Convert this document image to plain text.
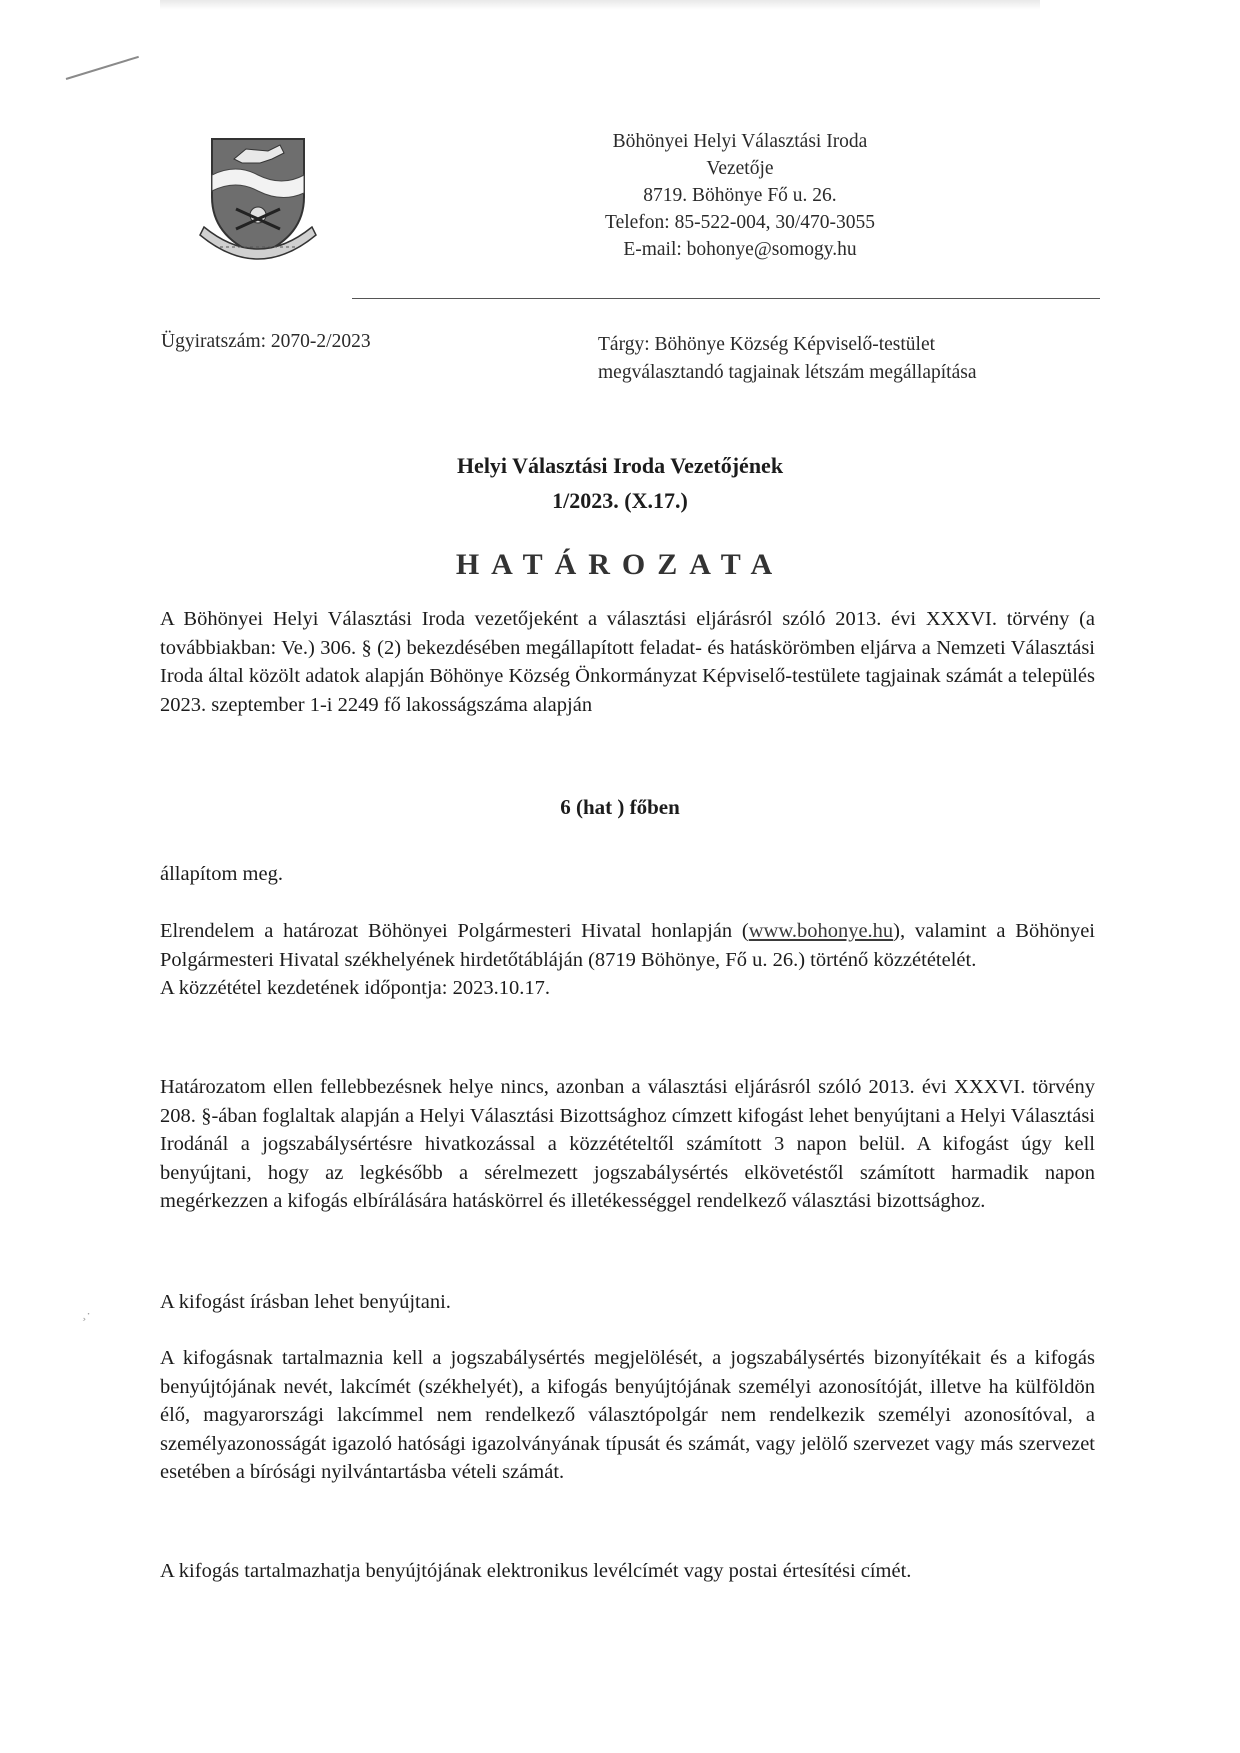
Böhönyei Helyi Választási Iroda
Vezetője
8719. Böhönye Fő u. 26.
Telefon: 85-522-004, 30/470-3055
E-mail: bohonye@somogy.hu
Ügyiratszám: 2070-2/2023	Tárgy: Böhönye Község Képviselő-testület
megválasztandó tagjainak létszám megállapítása
Helyi Választási Iroda Vezetőjének
1/2023. (X.17.)
HATÁROZATA
A Böhönyei Helyi Választási Iroda vezetőjeként a választási eljárásról szóló 2013. évi XXXVI. törvény (a továbbiakban: Ve.) 306. § (2) bekezdésében megállapított feladat- és hatáskörömben eljárva a Nemzeti Választási Iroda által közölt adatok alapján Böhönye Község Önkormányzat Képviselő-testülete tagjainak számát a település 2023. szeptember 1-i 2249 fő lakosságszáma alapján
6 (hat ) főben
állapítom meg.
Elrendelem a határozat Böhönyei Polgármesteri Hivatal honlapján (www.bohonye.hu), valamint a Böhönyei Polgármesteri Hivatal székhelyének hirdetőtábláján (8719 Böhönye, Fő u. 26.) történő közzétételét.
A közzététel kezdetének időpontja: 2023.10.17.
Határozatom ellen fellebbezésnek helye nincs, azonban a választási eljárásról szóló 2013. évi XXXVI. törvény 208. §-ában foglaltak alapján a Helyi Választási Bizottsághoz címzett kifogást lehet benyújtani a Helyi Választási Irodánál a jogszabálysértésre hivatkozással a közzétételtől számított 3 napon belül. A kifogást úgy kell benyújtani, hogy az legkésőbb a sérelmezett jogszabálysértés elkövetéstől számított harmadik napon megérkezzen a kifogás elbírálására hatáskörrel és illetékességgel rendelkező választási bizottsághoz.
¸·
A kifogást írásban lehet benyújtani.
A kifogásnak tartalmaznia kell a jogszabálysértés megjelölését, a jogszabálysértés bizonyítékait és a kifogás benyújtójának nevét, lakcímét (székhelyét), a kifogás benyújtójának személyi azonosítóját, illetve ha külföldön élő, magyarországi lakcímmel nem rendelkező választópolgár nem rendelkezik személyi azonosítóval, a személyazonosságát igazoló hatósági igazolványának típusát és számát, vagy jelölő szervezet vagy más szervezet esetében a bírósági nyilvántartásba vételi számát.
A kifogás tartalmazhatja benyújtójának elektronikus levélcímét vagy postai értesítési címét.
